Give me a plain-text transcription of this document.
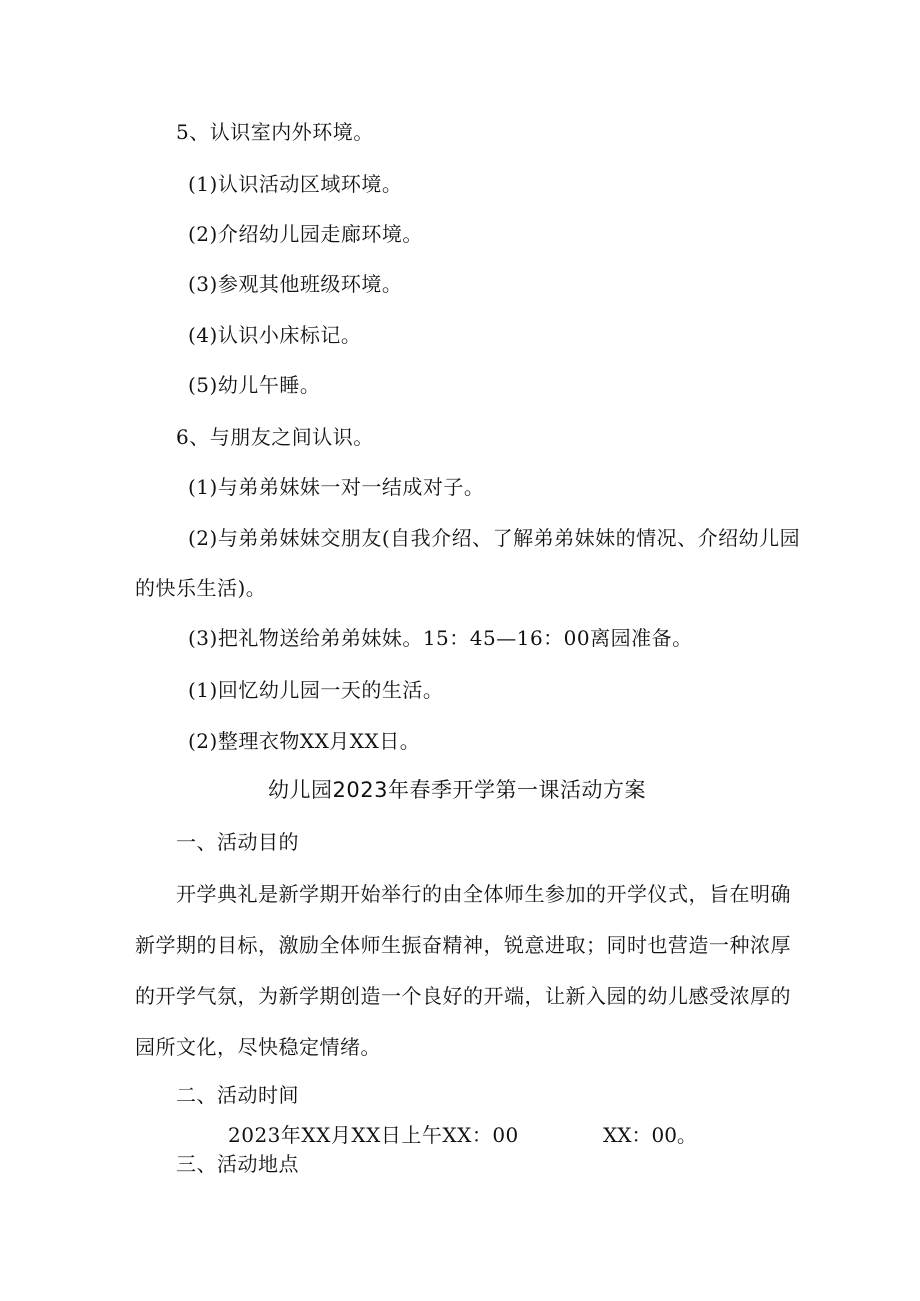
5、认识室内外环境。
(1)认识活动区域环境。
(2)介绍幼儿园走廊环境。
(3)参观其他班级环境。
(4)认识小床标记。
(5)幼儿午睡。
6、与朋友之间认识。
(1)与弟弟妹妹一对一结成对子。
(2)与弟弟妹妹交朋友(自我介绍、了解弟弟妹妹的情况、介绍幼儿园
的快乐生活)。
(3)把礼物送给弟弟妹妹。15：45—16：00离园准备。
(1)回忆幼儿园一天的生活。
(2)整理衣物XX月XX日。
幼儿园2023年春季开学第一课活动方案
一、活动目的
开学典礼是新学期开始举行的由全体师生参加的开学仪式，旨在明确
新学期的目标，激励全体师生振奋精神，锐意进取；同时也营造一种浓厚
的开学气氛，为新学期创造一个良好的开端，让新入园的幼儿感受浓厚的
园所文化，尽快稳定情绪。
二、活动时间
2023年XX月XX日上午XX：00	XX：00。
三、活动地点
